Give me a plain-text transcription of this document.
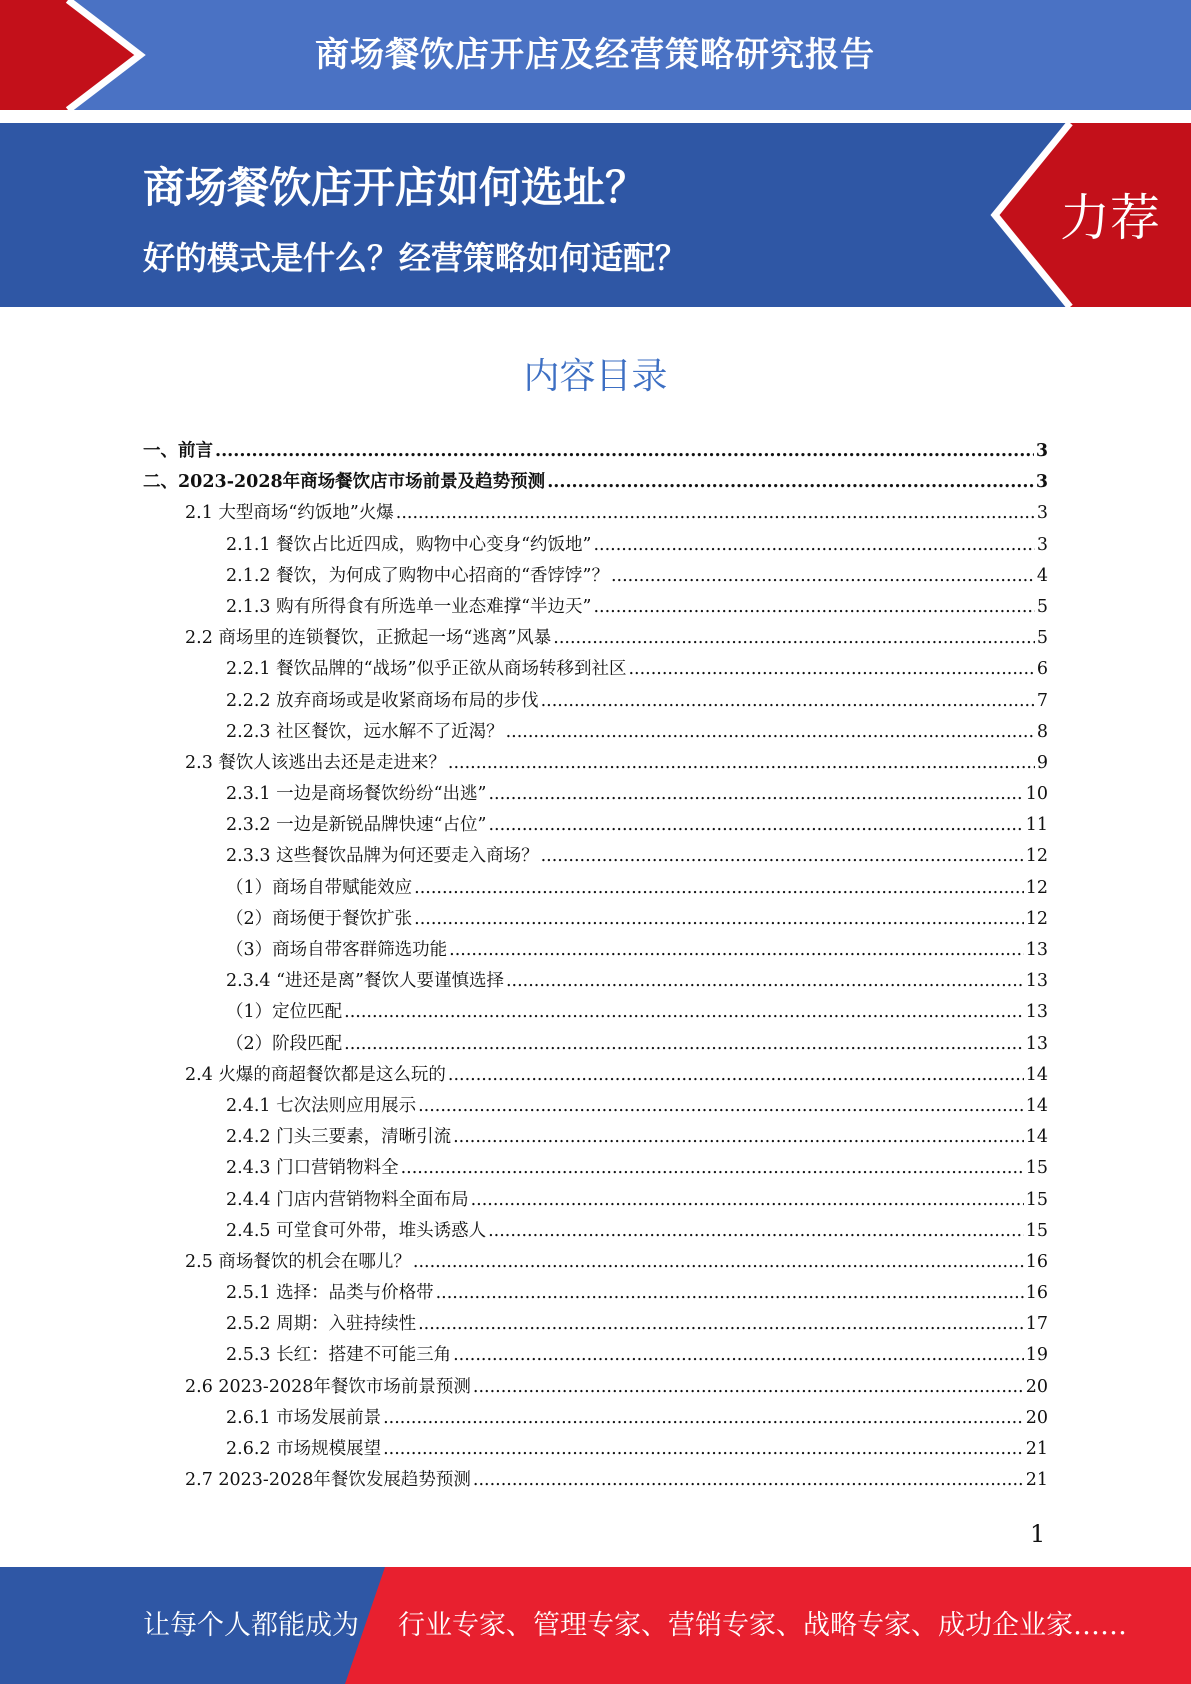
商场餐饮店开店及经营策略研究报告
商场餐饮店开店如何选址？
好的模式是什么？经营策略如何适配？
力荐
内容目录
一、前言 .....	3
二、2023-2028年商场餐饮店市场前景及趋势预测 .....	3
2.1 大型商场“约饭地”火爆 .....	3
2.1.1 餐饮占比近四成，购物中心变身“约饭地” .....	3
2.1.2 餐饮，为何成了购物中心招商的“香饽饽”？ .....	4
2.1.3 购有所得食有所选单一业态难撑“半边天” .....	5
2.2 商场里的连锁餐饮，正掀起一场“逃离”风暴 .....	5
2.2.1 餐饮品牌的“战场”似乎正欲从商场转移到社区 .....	6
2.2.2 放弃商场或是收紧商场布局的步伐 .....	7
2.2.3 社区餐饮，远水解不了近渴？ .....	8
2.3 餐饮人该逃出去还是走进来？ .....	9
2.3.1 一边是商场餐饮纷纷“出逃” .....	10
2.3.2 一边是新锐品牌快速“占位” .....	11
2.3.3 这些餐饮品牌为何还要走入商场？ .....	12
（1）商场自带赋能效应 .....	12
（2）商场便于餐饮扩张 .....	12
（3）商场自带客群筛选功能 .....	13
2.3.4 “进还是离”餐饮人要谨慎选择 .....	13
（1）定位匹配 .....	13
（2）阶段匹配 .....	13
2.4 火爆的商超餐饮都是这么玩的 .....	14
2.4.1 七次法则应用展示 .....	14
2.4.2 门头三要素，清晰引流 .....	14
2.4.3 门口营销物料全 .....	15
2.4.4 门店内营销物料全面布局 .....	15
2.4.5 可堂食可外带，堆头诱惑人 .....	15
2.5 商场餐饮的机会在哪儿？ .....	16
2.5.1 选择：品类与价格带 .....	16
2.5.2 周期：入驻持续性 .....	17
2.5.3 长红：搭建不可能三角 .....	19
2.6 2023-2028年餐饮市场前景预测 .....	20
2.6.1 市场发展前景 .....	20
2.6.2 市场规模展望 .....	21
2.7 2023-2028年餐饮发展趋势预测 .....	21
1
让每个人都能成为 行业专家、管理专家、营销专家、战略专家、成功企业家……
